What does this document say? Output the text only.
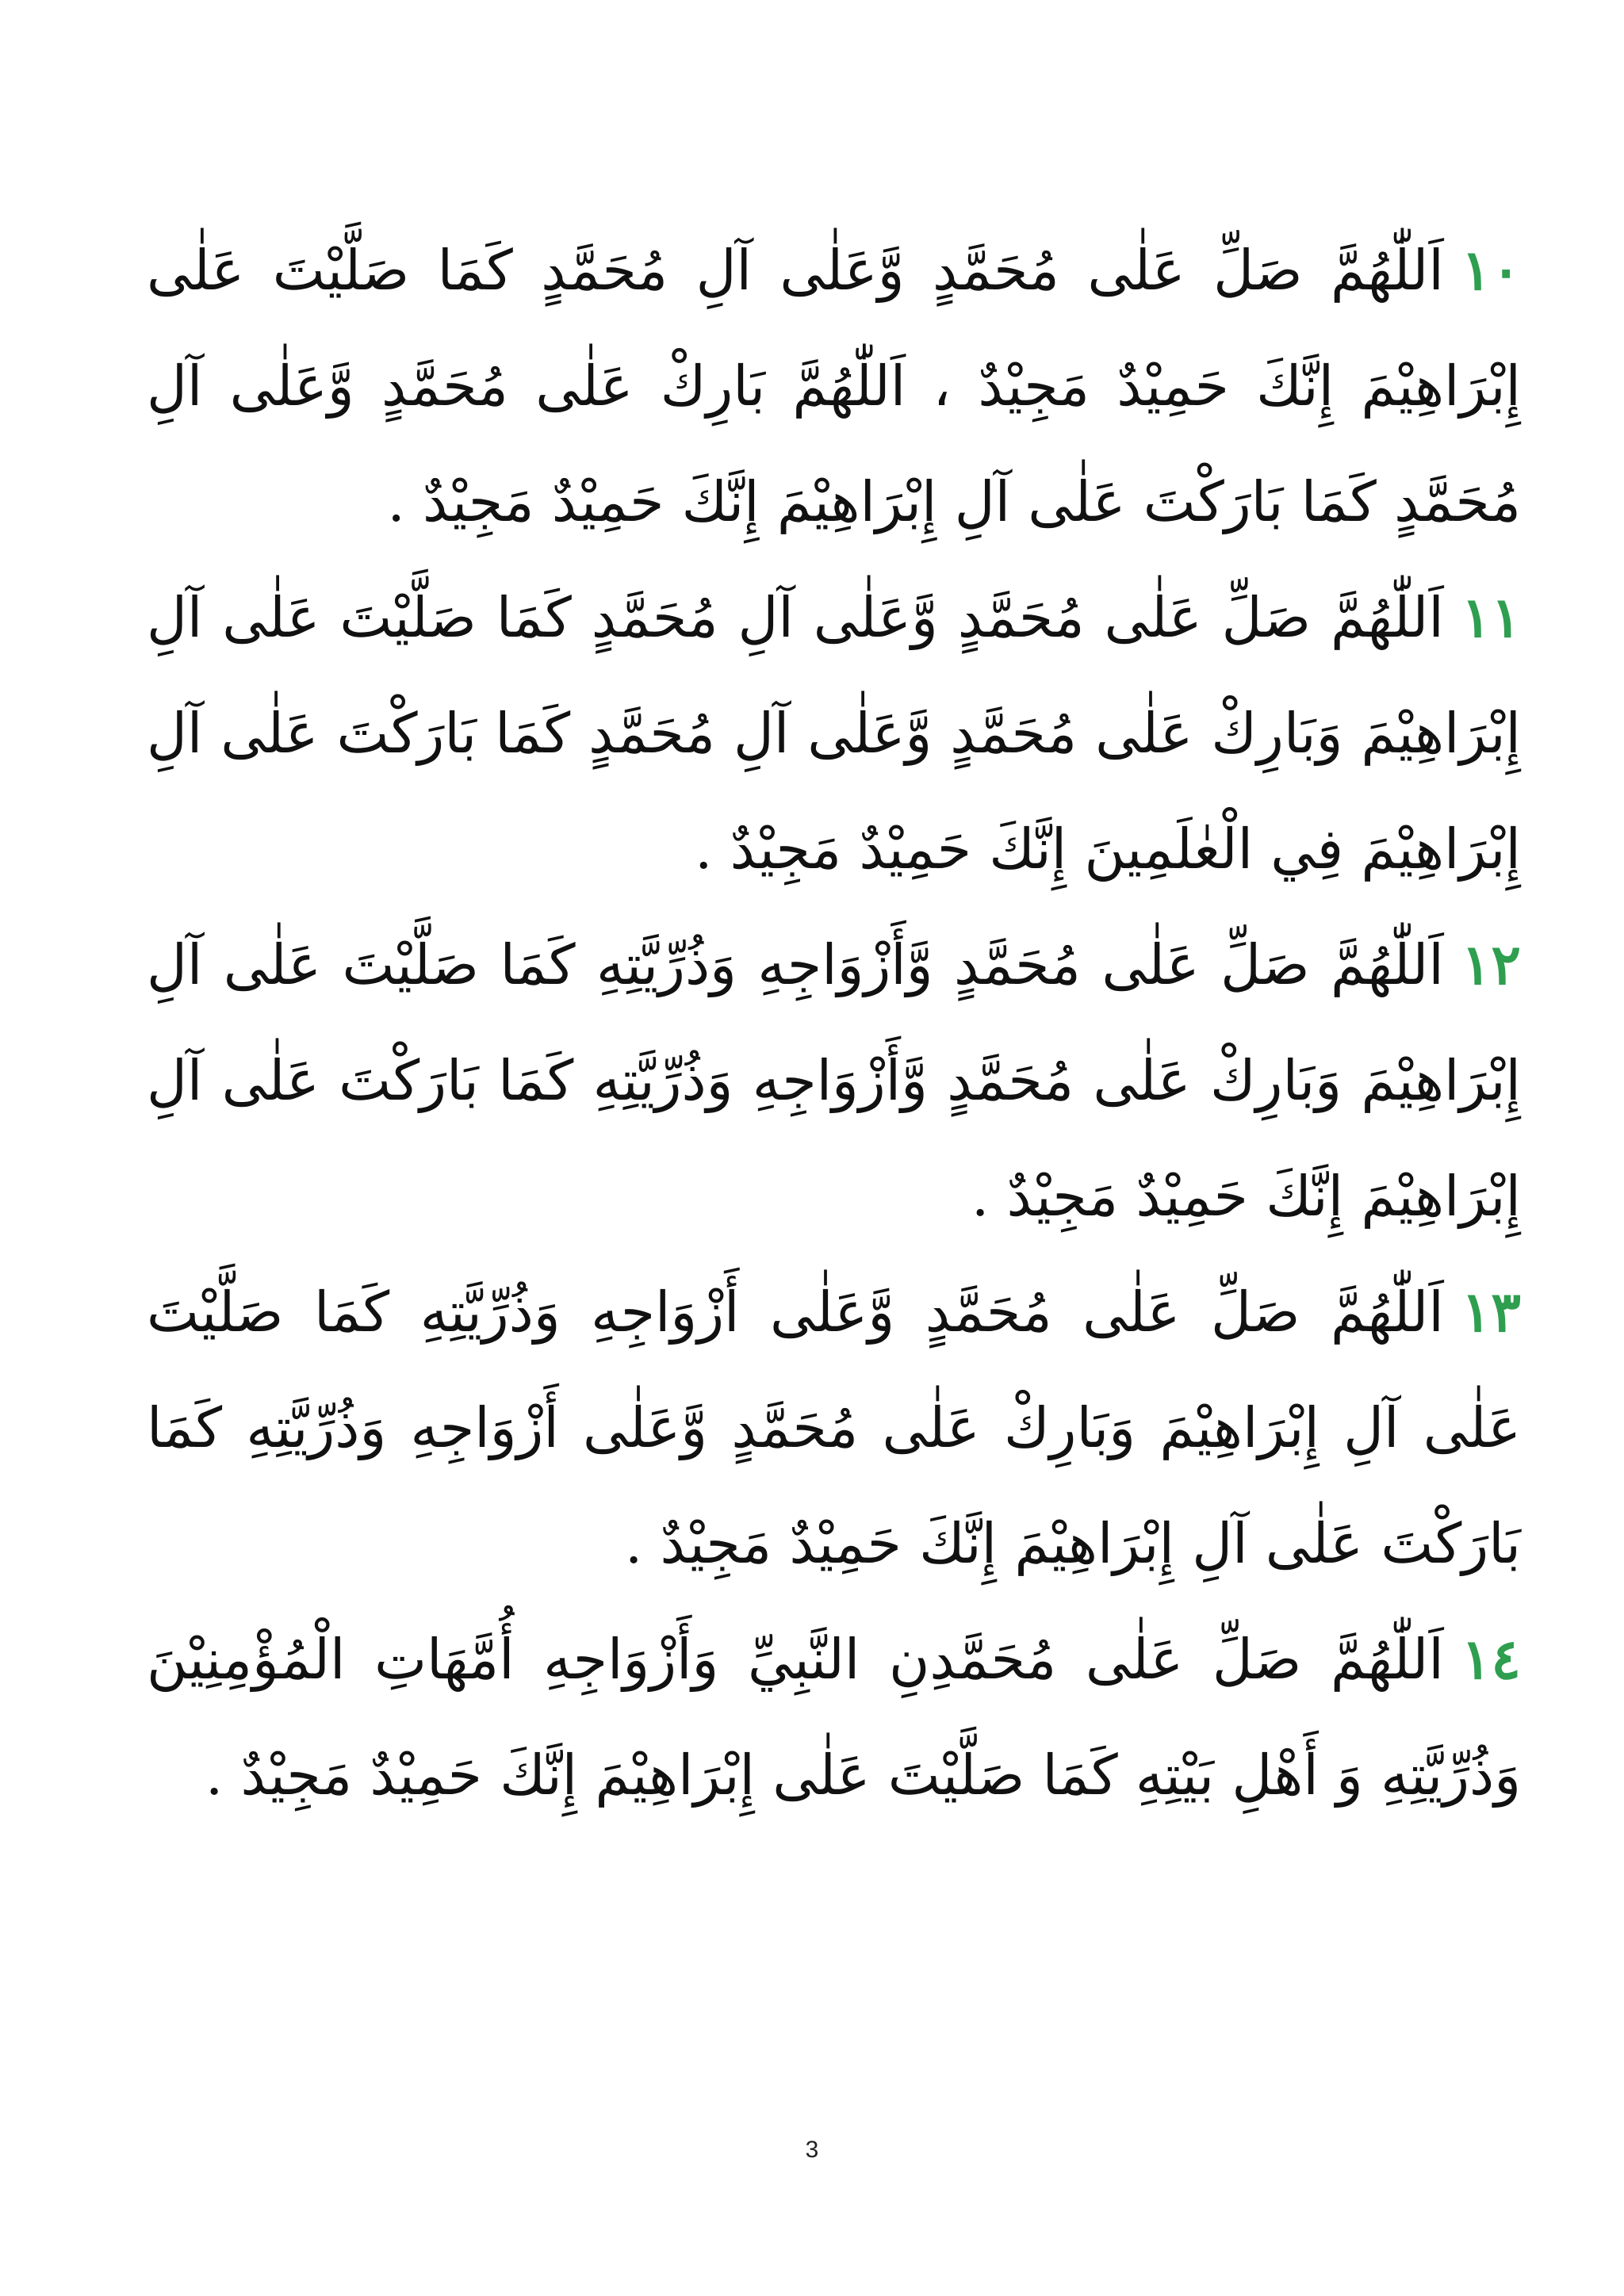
١٠اَللّٰهُمَّ صَلِّ عَلٰى مُحَمَّدٍ وَّعَلٰى آلِ مُحَمَّدٍ كَمَا صَلَّيْتَ عَلٰى إِبْرَاهِيْمَ إِنَّكَ حَمِيْدٌ مَجِيْدٌ ، اَللّٰهُمَّ بَارِكْ عَلٰى مُحَمَّدٍ وَّعَلٰى آلِ مُحَمَّدٍ كَمَا بَارَكْتَ عَلٰى آلِ إِبْرَاهِيْمَ إِنَّكَ حَمِيْدٌ مَجِيْدٌ .

١١اَللّٰهُمَّ صَلِّ عَلٰى مُحَمَّدٍ وَّعَلٰى آلِ مُحَمَّدٍ كَمَا صَلَّيْتَ عَلٰى آلِ إِبْرَاهِيْمَ وَبَارِكْ عَلٰى مُحَمَّدٍ وَّعَلٰى آلِ مُحَمَّدٍ كَمَا بَارَكْتَ عَلٰى آلِ إِبْرَاهِيْمَ فِي الْعٰلَمِينَ إِنَّكَ حَمِيْدٌ مَجِيْدٌ .

١٢اَللّٰهُمَّ صَلِّ عَلٰى مُحَمَّدٍ وَّأَزْوَاجِهِ وَذُرِّيَّتِهِ كَمَا صَلَّيْتَ عَلٰى آلِ إِبْرَاهِيْمَ وَبَارِكْ عَلٰى مُحَمَّدٍ وَّأَزْوَاجِهِ وَذُرِّيَّتِهِ كَمَا بَارَكْتَ عَلٰى آلِ إِبْرَاهِيْمَ إِنَّكَ حَمِيْدٌ مَجِيْدٌ .

١٣اَللّٰهُمَّ صَلِّ عَلٰى مُحَمَّدٍ وَّعَلٰى أَزْوَاجِهِ وَذُرِّيَّتِهِ كَمَا صَلَّيْتَ عَلٰى آلِ إِبْرَاهِيْمَ وَبَارِكْ عَلٰى مُحَمَّدٍ وَّعَلٰى أَزْوَاجِهِ وَذُرِّيَّتِهِ كَمَا بَارَكْتَ عَلٰى آلِ إِبْرَاهِيْمَ إِنَّكَ حَمِيْدٌ مَجِيْدٌ .

١٤اَللّٰهُمَّ صَلِّ عَلٰى مُحَمَّدِنِ النَّبِيِّ وَأَزْوَاجِهِ أُمَّهَاتِ الْمُؤْمِنِيْنَ وَذُرِّيَّتِهِ وَ أَهْلِ بَيْتِهِ كَمَا صَلَّيْتَ عَلٰى إِبْرَاهِيْمَ إِنَّكَ حَمِيْدٌ مَجِيْدٌ .

3
